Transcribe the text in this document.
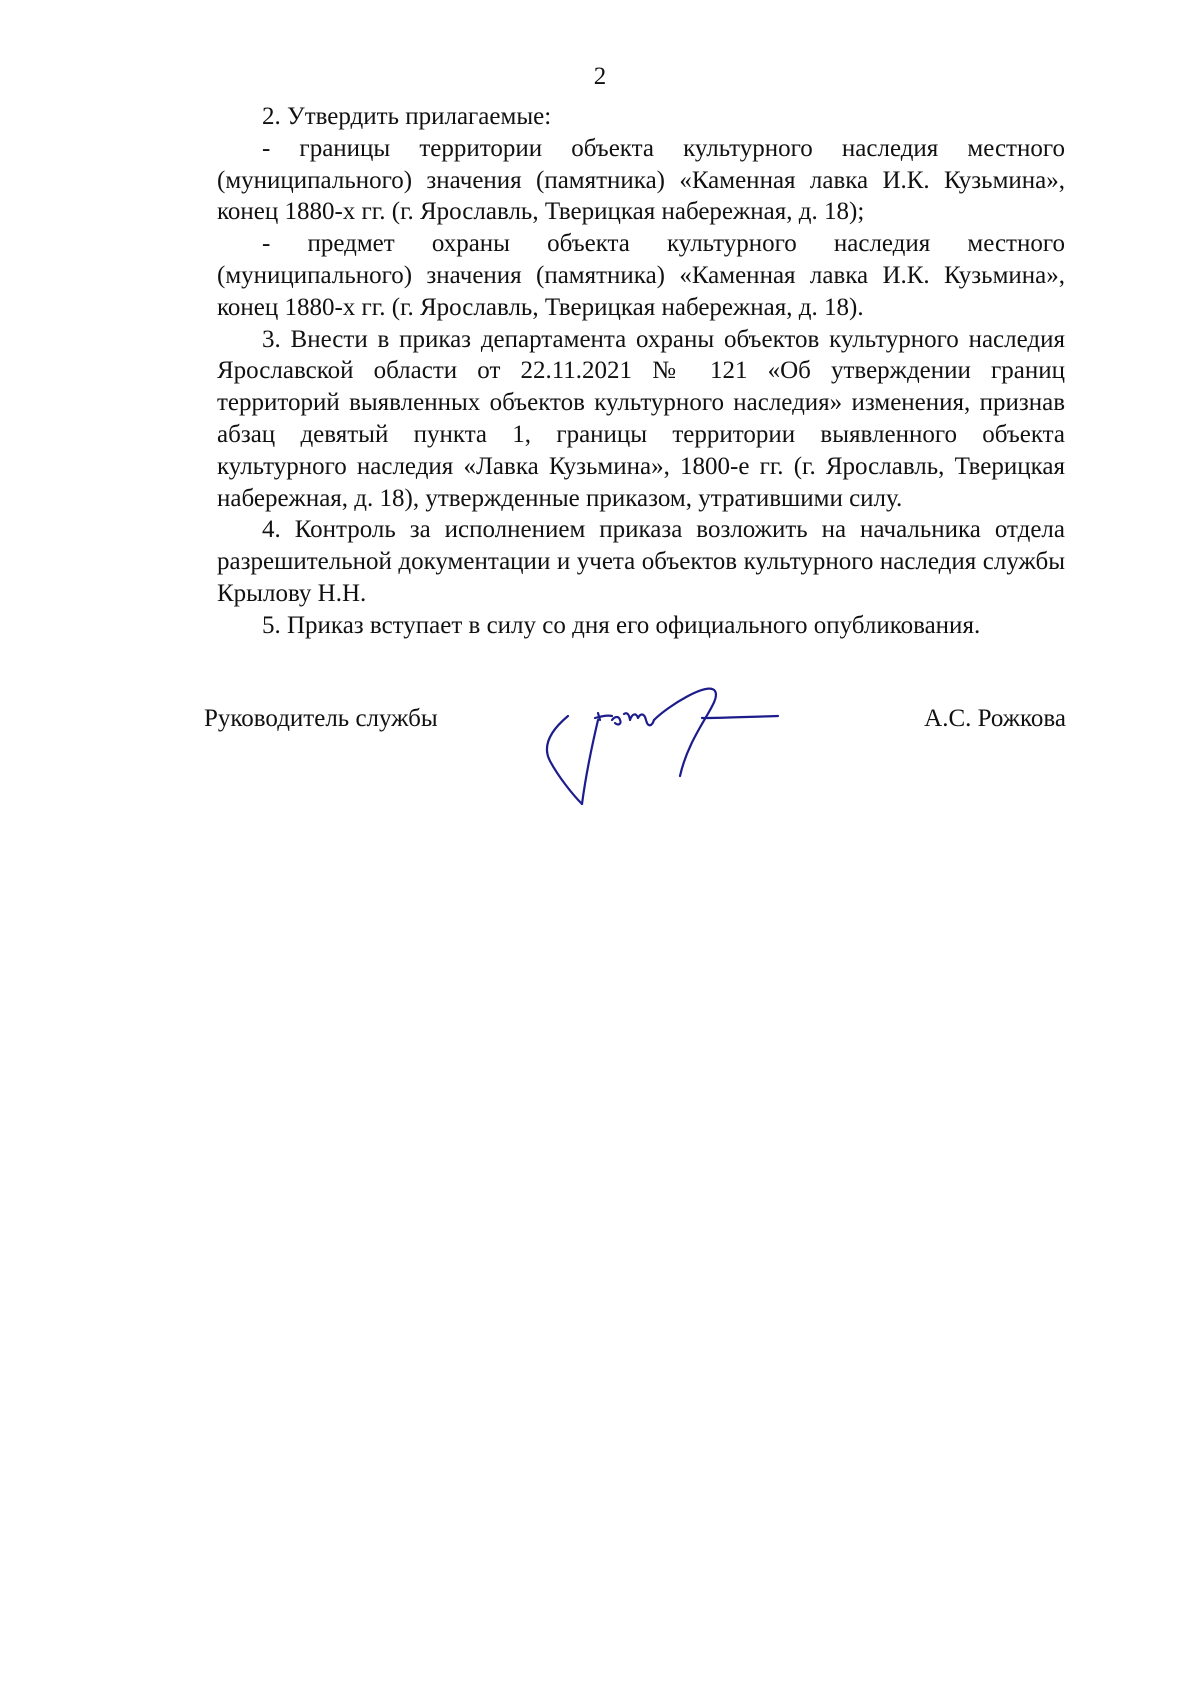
2

2. Утвердить прилагаемые:

- границы территории объекта культурного наследия местного (муниципального) значения (памятника) «Каменная лавка И.К. Кузьмина», конец 1880-х гг. (г. Ярославль, Тверицкая набережная, д. 18);

- предмет охраны объекта культурного наследия местного (муниципального) значения (памятника) «Каменная лавка И.К. Кузьмина», конец 1880-х гг. (г. Ярославль, Тверицкая набережная, д. 18).

3. Внести в приказ департамента охраны объектов культурного наследия Ярославской области от 22.11.2021 № 121 «Об утверждении границ территорий выявленных объектов культурного наследия» изменения, признав абзац девятый пункта 1, границы территории выявленного объекта культурного наследия «Лавка Кузьмина», 1800-е гг. (г. Ярославль, Тверицкая набережная, д. 18), утвержденные приказом, утратившими силу.

4. Контроль за исполнением приказа возложить на начальника отдела разрешительной документации и учета объектов культурного наследия службы Крылову Н.Н.

5. Приказ вступает в силу со дня его официального опубликования.

Руководитель службы	А.С. Рожкова
